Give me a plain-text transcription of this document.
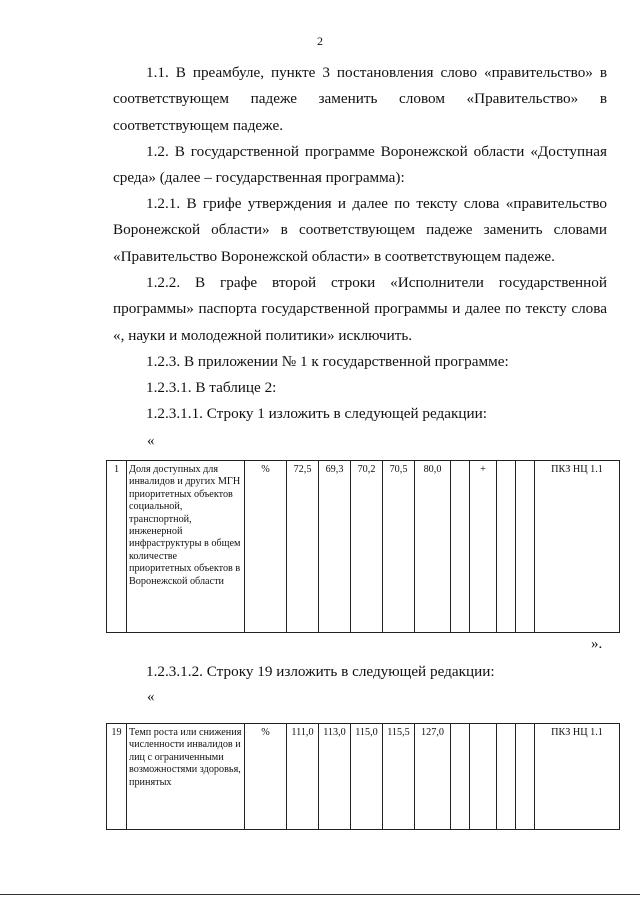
2

1.1. В преамбуле, пункте 3 постановления слово «правительство» в соответствующем падеже заменить словом «Правительство» в соответствующем падеже.

1.2. В государственной программе Воронежской области «Доступная среда» (далее – государственная программа):

1.2.1. В грифе утверждения и далее по тексту слова «правительство Воронежской области» в соответствующем падеже заменить словами «Правительство Воронежской области» в соответствующем падеже.

1.2.2. В графе второй строки «Исполнители государственной программы» паспорта государственной программы и далее по тексту слова «, науки и молодежной политики» исключить.

1.2.3. В приложении № 1 к государственной программе:

1.2.3.1. В таблице 2:

1.2.3.1.1. Строку 1 изложить в следующей редакции:

«
1	Доля доступных для инвалидов и других МГН приоритетных объектов социальной, транспортной, инженерной инфраструктуры в общем количестве приоритетных объектов в Воронежской области	%	72,5	69,3	70,2	70,5	80,0		+			ПКЗ НЦ 1.1
».

1.2.3.1.2. Строку 19 изложить в следующей редакции:

«
19	Темп роста или снижения численности инвалидов и лиц с ограниченными возможностями здоровья, принятых	%	111,0	113,0	115,0	115,5	127,0					ПКЗ НЦ 1.1
